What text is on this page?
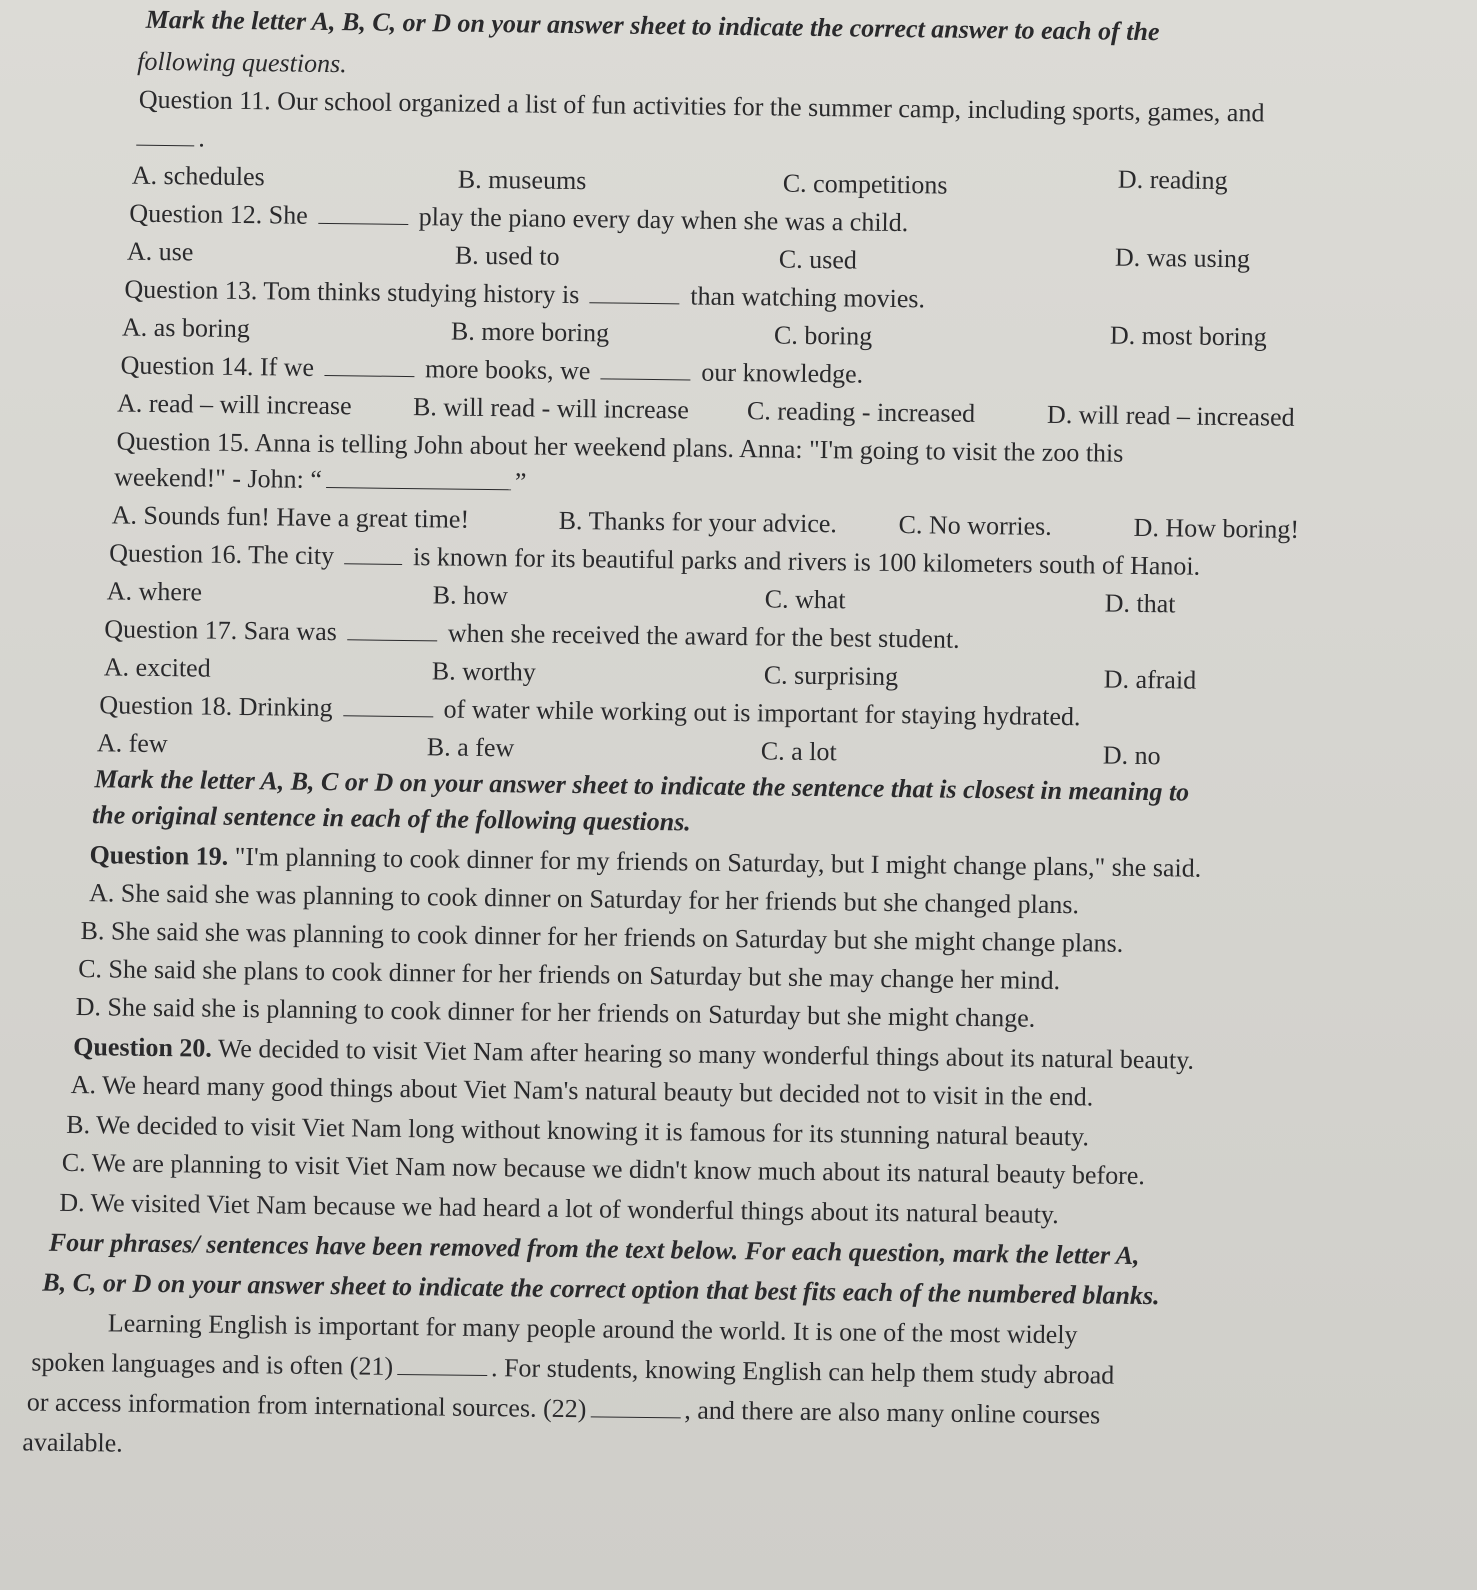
Mark the letter A, B, C, or D on your answer sheet to indicate the correct answer to each of the
following questions.
Question 11. Our school organized a list of fun activities for the summer camp, including sports, games, and
.
A. schedules	B. museums	C. competitions	D. reading
Question 12. She	play the piano every day when she was a child.
A. use	B. used to	C. used	D. was using
Question 13. Tom thinks studying history is	than watching movies.
A. as boring	B. more boring	C. boring	D. most boring
Question 14. If we	more books, we	our knowledge.
A. read – will increase B. will read - will increase C. reading - increased	D. will read – increased
Question 15. Anna is telling John about her weekend plans. Anna: "I'm going to visit the zoo this
weekend!" - John: “	”
A. Sounds fun! Have a great time!	B. Thanks for your advice. C. No worries.	D. How boring!
Question 16. The city	is known for its beautiful parks and rivers is 100 kilometers south of Hanoi.
A. where	B. how	C. what	D. that
Question 17. Sara was	when she received the award for the best student.
A. excited	B. worthy	C. surprising	D. afraid
Question 18. Drinking	of water while working out is important for staying hydrated.
A. few	B. a few	C. a lot	D. no
Mark the letter A, B, C or D on your answer sheet to indicate the sentence that is closest in meaning to
the original sentence in each of the following questions.
Question 19. "I'm planning to cook dinner for my friends on Saturday, but I might change plans," she said.
A. She said she was planning to cook dinner on Saturday for her friends but she changed plans.
B. She said she was planning to cook dinner for her friends on Saturday but she might change plans.
C. She said she plans to cook dinner for her friends on Saturday but she may change her mind.
D. She said she is planning to cook dinner for her friends on Saturday but she might change.
Question 20. We decided to visit Viet Nam after hearing so many wonderful things about its natural beauty.
A. We heard many good things about Viet Nam's natural beauty but decided not to visit in the end.
B. We decided to visit Viet Nam long without knowing it is famous for its stunning natural beauty.
C. We are planning to visit Viet Nam now because we didn't know much about its natural beauty before.
D. We visited Viet Nam because we had heard a lot of wonderful things about its natural beauty.
Four phrases/ sentences have been removed from the text below. For each question, mark the letter A,
B, C, or D on your answer sheet to indicate the correct option that best fits each of the numbered blanks.
Learning English is important for many people around the world. It is one of the most widely
spoken languages and is often (21)	. For students, knowing English can help them study abroad
or access information from international sources. (22)	, and there are also many online courses
available.
